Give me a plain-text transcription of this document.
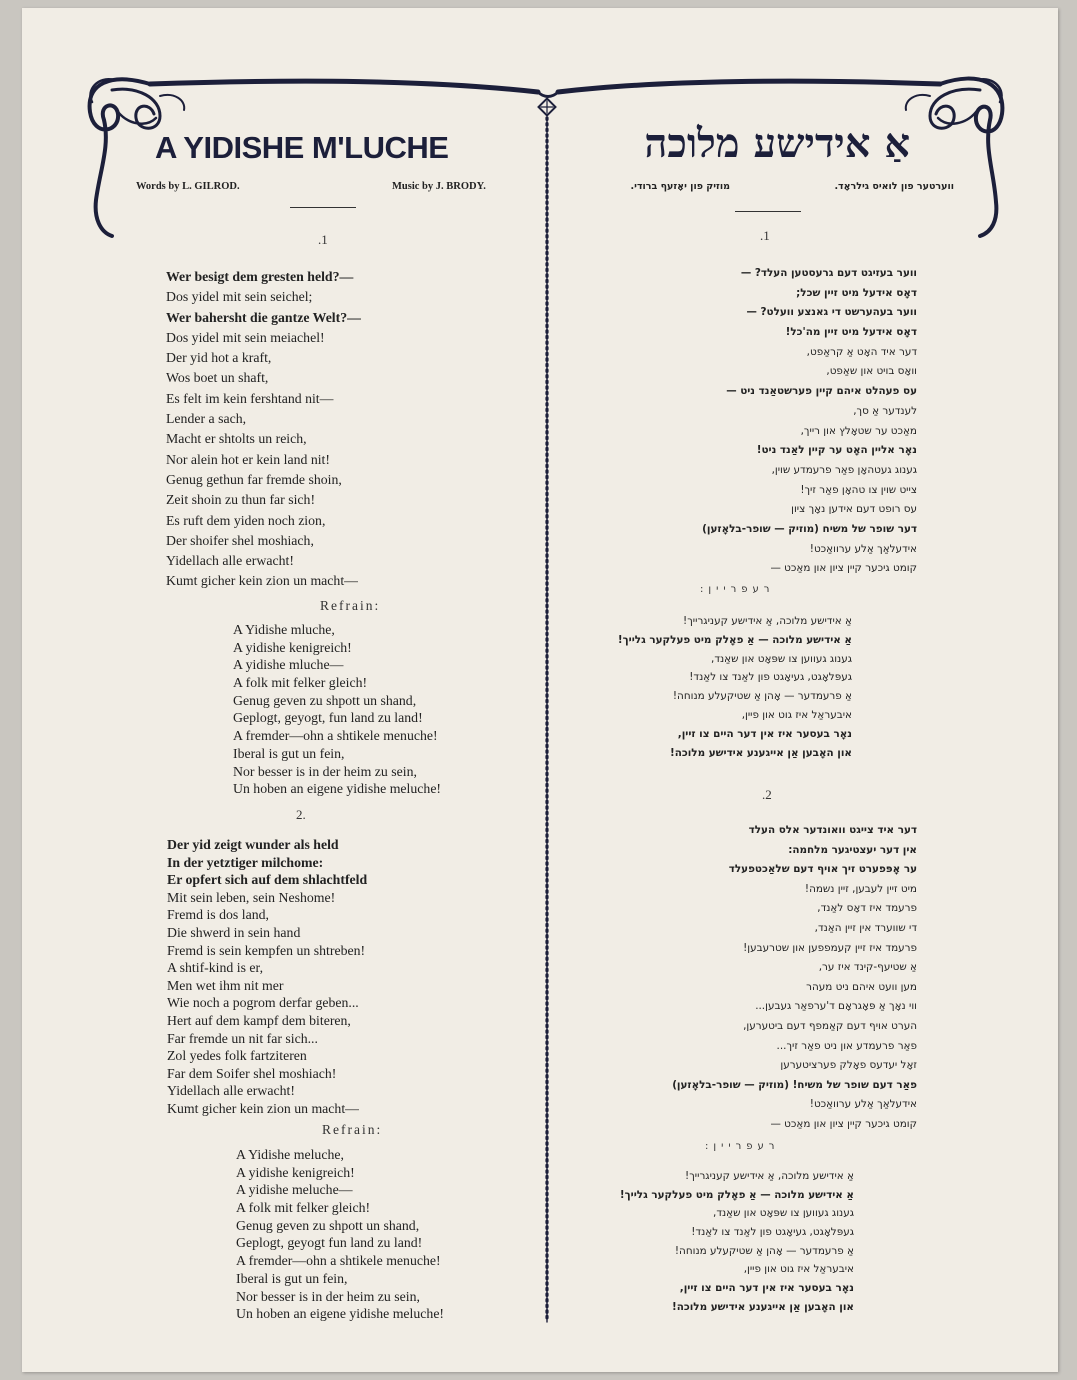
A YIDISHE M'LUCHE
Words by L. GILROD.	Music by J. BRODY.
אַ אידישע מלוכה
מוזיק פון יאָזעף ברודי.	ווערטער פון לואיס גילראָד.
.1
Wer besigt dem gresten held?—
Dos yidel mit sein seichel;
Wer bahersht die gantze Welt?—
Dos yidel mit sein meiachel!
Der yid hot a kraft,
Wos boet un shaft,
Es felt im kein fershtand nit—
Lender a sach,
Macht er shtolts un reich,
Nor alein hot er kein land nit!
Genug gethun far fremde shoin,
Zeit shoin zu thun far sich!
Es ruft dem yiden noch zion,
Der shoifer shel moshiach,
Yidellach alle erwacht!
Kumt gicher kein zion un macht—
Refrain:
A Yidishe mluche,
A yidishe kenigreich!
A yidishe mluche—
A folk mit felker gleich!
Genug geven zu shpott un shand,
Geplogt, geyogt, fun land zu land!
A fremder—ohn a shtikele menuche!
Iberal is gut un fein,
Nor besser is in der heim zu sein,
Un hoben an eigene yidishe meluche!
2.
Der yid zeigt wunder als held
In der yetztiger milchome:
Er opfert sich auf dem shlachtfeld
Mit sein leben, sein Neshome!
Fremd is dos land,
Die shwerd in sein hand
Fremd is sein kempfen un shtreben!
A shtif-kind is er,
Men wet ihm nit mer
Wie noch a pogrom derfar geben...
Hert auf dem kampf dem biteren,
Far fremde un nit far sich...
Zol yedes folk fartziteren
Far dem Soifer shel moshiach!
Yidellach alle erwacht!
Kumt gicher kein zion un macht—
Refrain:
A Yidishe meluche,
A yidishe kenigreich!
A yidishe meluche—
A folk mit felker gleich!
Genug geven zu shpott un shand,
Geplogt, geyogt fun land zu land!
A fremder—ohn a shtikele menuche!
Iberal is gut un fein,
Nor besser is in der heim zu sein,
Un hoben an eigene yidishe meluche!
.1
ווער בעזיגט דעם גרעסטען העלד? —
דאָס אידעל מיט זיין שכל;
ווער בעהערשט די גאנצע וועלט? —
דאָס אידעל מיט זיין מה'כל!
דער איד האָט אַ קראַפט,
וואָס בויט און שאַפט,
עס פעהלט איהם קיין פערשטאַנד ניט —
לענדער אַ סך,
מאַכט ער שטאָלץ און רייך,
נאָר אליין האָט ער קיין לאַנד ניט!
גענוג געטהאָן פאַר פרעמדע שוין,
צייט שוין צו טהאָן פאַר זיך!
עס רופט דעם אידען נאָך ציון
דער שופר של משיח (מוזיק — שופר-בלאָזען)
אידעלאַך אַלע ערוואַכט!
קומט גיכער קיין ציון און מאַכט —
רעפריין:
אַ אידישע מלוכה, אַ אידישע קעניגרייך!
אַ אידישע מלוכה — אַ פאָלק מיט פעלקער גלייך!
גענוג געווען צו שפּאָט און שאַנד,
געפּלאָגט, געיאָגט פון לאַנד צו לאַנד!
אַ פרעמדער — אָהן אַ שטיקעלע מנוחה!
איבעראַל איז גוט און פיין,
נאָר בעסער איז אין דער היים צו זיין,
און האָבען אַן אייגענע אידישע מלוכה!
.2
דער איד צייגט וואונדער אלס העלד
אין דער יעצטיגער מלחמה:
ער אָפּפערט זיך אויף דעם שלאַכטפעלד
מיט זיין לעבען, זיין נשמה!
פרעמד איז דאָס לאַנד,
די שווערד אין זיין האַנד,
פרעמד איז זיין קעמפפען און שטרעבען!
אַ שטיעף-קינד איז ער,
מען וועט איהם ניט מעהר
ווי נאָך אַ פּאָגראָם ד'ערפאַר געבען...
הערט אויף דעם קאַמפף דעם ביטערען,
פאַר פרעמדע און ניט פאַר זיך...
זאָל יעדעס פאָלק פערציטערען
פאַר דעם שופר של משיח! (מוזיק — שופר-בלאָזען)
אידעלאַך אַלע ערוואַכט!
קומט גיכער קיין ציון און מאַכט —
רעפריין:
אַ אידישע מלוכה, אַ אידישע קעניגרייך!
אַ אידישע מלוכה — אַ פאָלק מיט פעלקער גלייך!
גענוג געווען צו שפּאָט און שאַנד,
געפּלאָגט, געיאָגט פון לאַנד צו לאַנד!
אַ פרעמדער — אָהן אַ שטיקעלע מנוחה!
איבעראַל איז גוט און פיין,
נאָר בעסער איז אין דער היים צו זיין,
און האָבען אַן אייגענע אידישע מלוכה!
